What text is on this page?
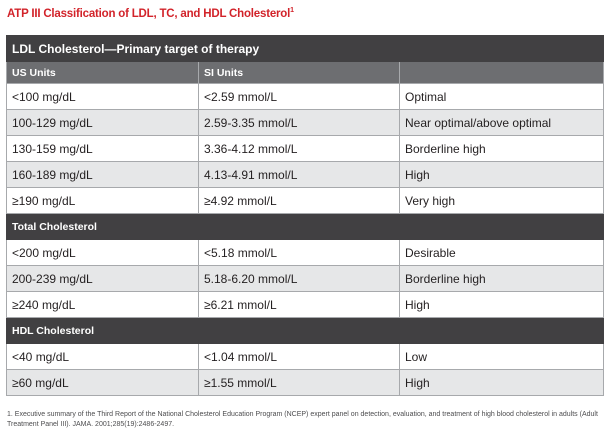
ATP III Classification of LDL, TC, and HDL Cholesterol$^1$
LDL Cholesterol—Primary target of therapy		
US Units	SI Units	
<100 mg/dL	<2.59 mmol/L	Optimal
100-129 mg/dL	2.59-3.35 mmol/L	Near optimal/above optimal
130-159 mg/dL	3.36-4.12 mmol/L	Borderline high
160-189 mg/dL	4.13-4.91 mmol/L	High
≥190 mg/dL	≥4.92 mmol/L	Very high
Total Cholesterol		
<200 mg/dL	<5.18 mmol/L	Desirable
200-239 mg/dL	5.18-6.20 mmol/L	Borderline high
≥240 mg/dL	≥6.21 mmol/L	High
HDL Cholesterol		
<40 mg/dL	<1.04 mmol/L	Low
≥60 mg/dL	≥1.55 mmol/L	High
1. Executive summary of the Third Report of the National Cholesterol Education Program (NCEP) expert panel on detection, evaluation, and treatment of high blood cholesterol in adults (Adult Treatment Panel III). JAMA. 2001;285(19):2486-2497.
